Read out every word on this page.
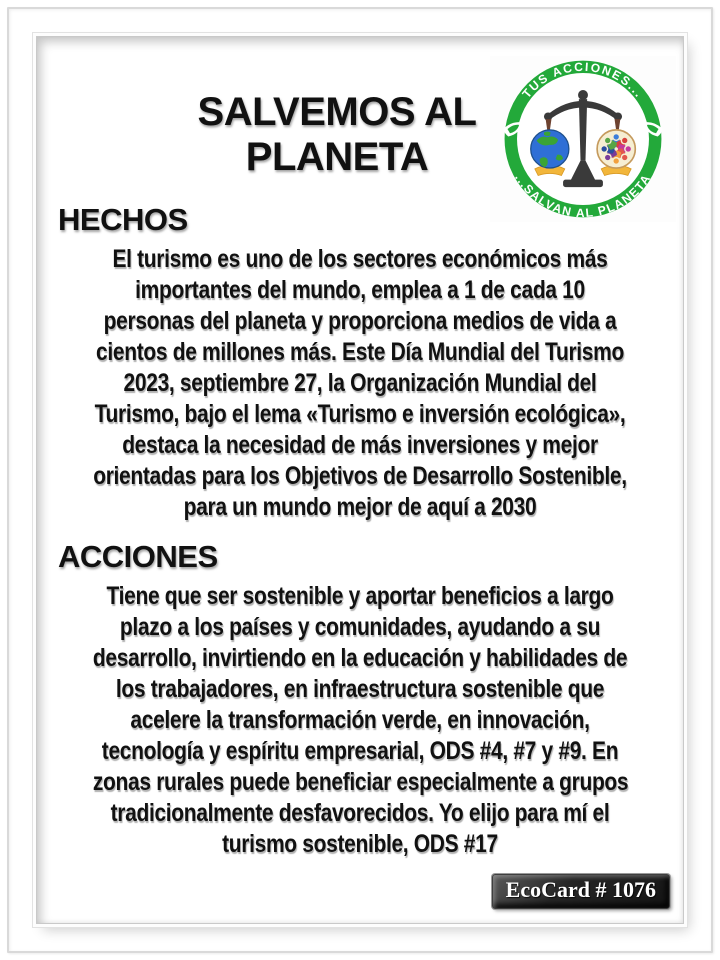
SALVEMOS AL
PLANETA
TUS ACCIONES...
...SALVAN AL PLANETA
HECHOS
El turismo es uno de los sectores económicos más
importantes del mundo, emplea a 1 de cada 10
personas del planeta y proporciona medios de vida a
cientos de millones más. Este Día Mundial del Turismo
2023, septiembre 27, la Organización Mundial del
Turismo, bajo el lema «Turismo e inversión ecológica»,
destaca la necesidad de más inversiones y mejor
orientadas para los Objetivos de Desarrollo Sostenible,
para un mundo mejor de aquí a 2030
ACCIONES
Tiene que ser sostenible y aportar beneficios a largo
plazo a los países y comunidades, ayudando a su
desarrollo, invirtiendo en la educación y habilidades de
los trabajadores, en infraestructura sostenible que
acelere la transformación verde, en innovación,
tecnología y espíritu empresarial, ODS #4, #7 y #9. En
zonas rurales puede beneficiar especialmente a grupos
tradicionalmente desfavorecidos. Yo elijo para mí el
turismo sostenible, ODS #17
EcoCard # 1076
